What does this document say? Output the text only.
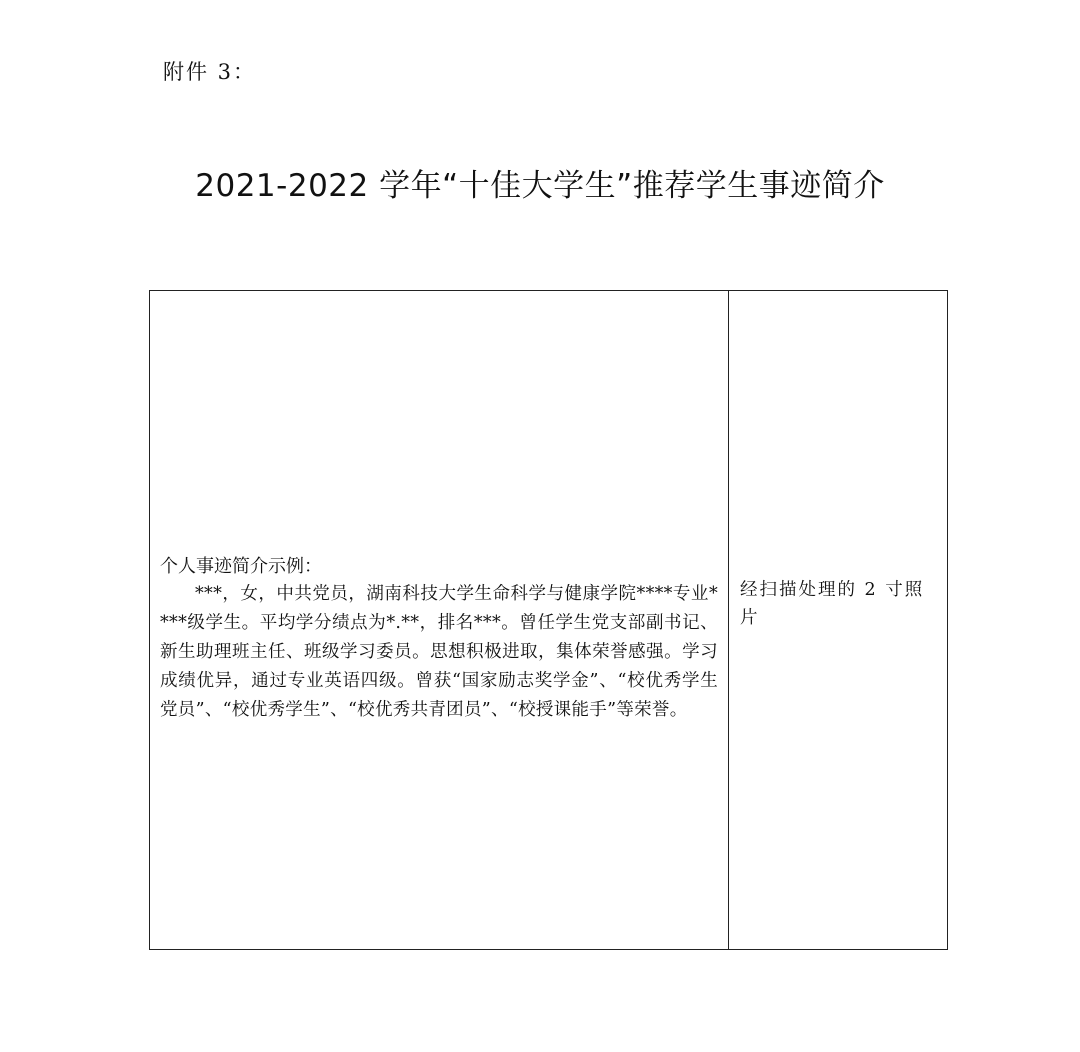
附件 3：
2021-2022 学年“十佳大学生”推荐学生事迹简介
个人事迹简介示例：

***，女，中共党员，湖南科技大学生命科学与健康学院****专业****级学生。平均学分绩点为*.**，排名***。曾任学生党支部副书记、新生助理班主任、班级学习委员。思想积极进取，集体荣誉感强。学习成绩优异，通过专业英语四级。曾获“国家励志奖学金”、“校优秀学生党员”、“校优秀学生”、“校优秀共青团员”、“校授课能手”等荣誉。

经扫描处理的 2 寸照片
